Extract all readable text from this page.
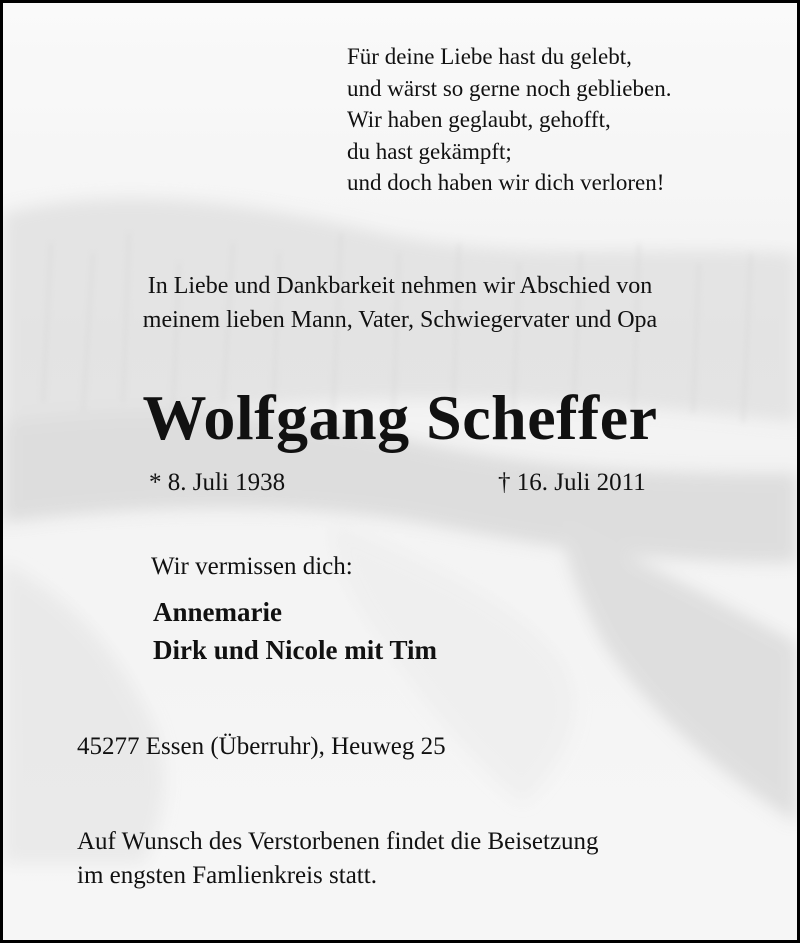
Für deine Liebe hast du gelebt,
und wärst so gerne noch geblieben.
Wir haben geglaubt, gehofft,
du hast gekämpft;
und doch haben wir dich verloren!
In Liebe und Dankbarkeit nehmen wir Abschied von
meinem lieben Mann, Vater, Schwiegervater und Opa
Wolfgang Scheffer
* 8. Juli 1938	† 16. Juli 2011
Wir vermissen dich:
Annemarie
Dirk und Nicole mit Tim
45277 Essen (Überruhr), Heuweg 25
Auf Wunsch des Verstorbenen findet die Beisetzung
im engsten Famlienkreis statt.
